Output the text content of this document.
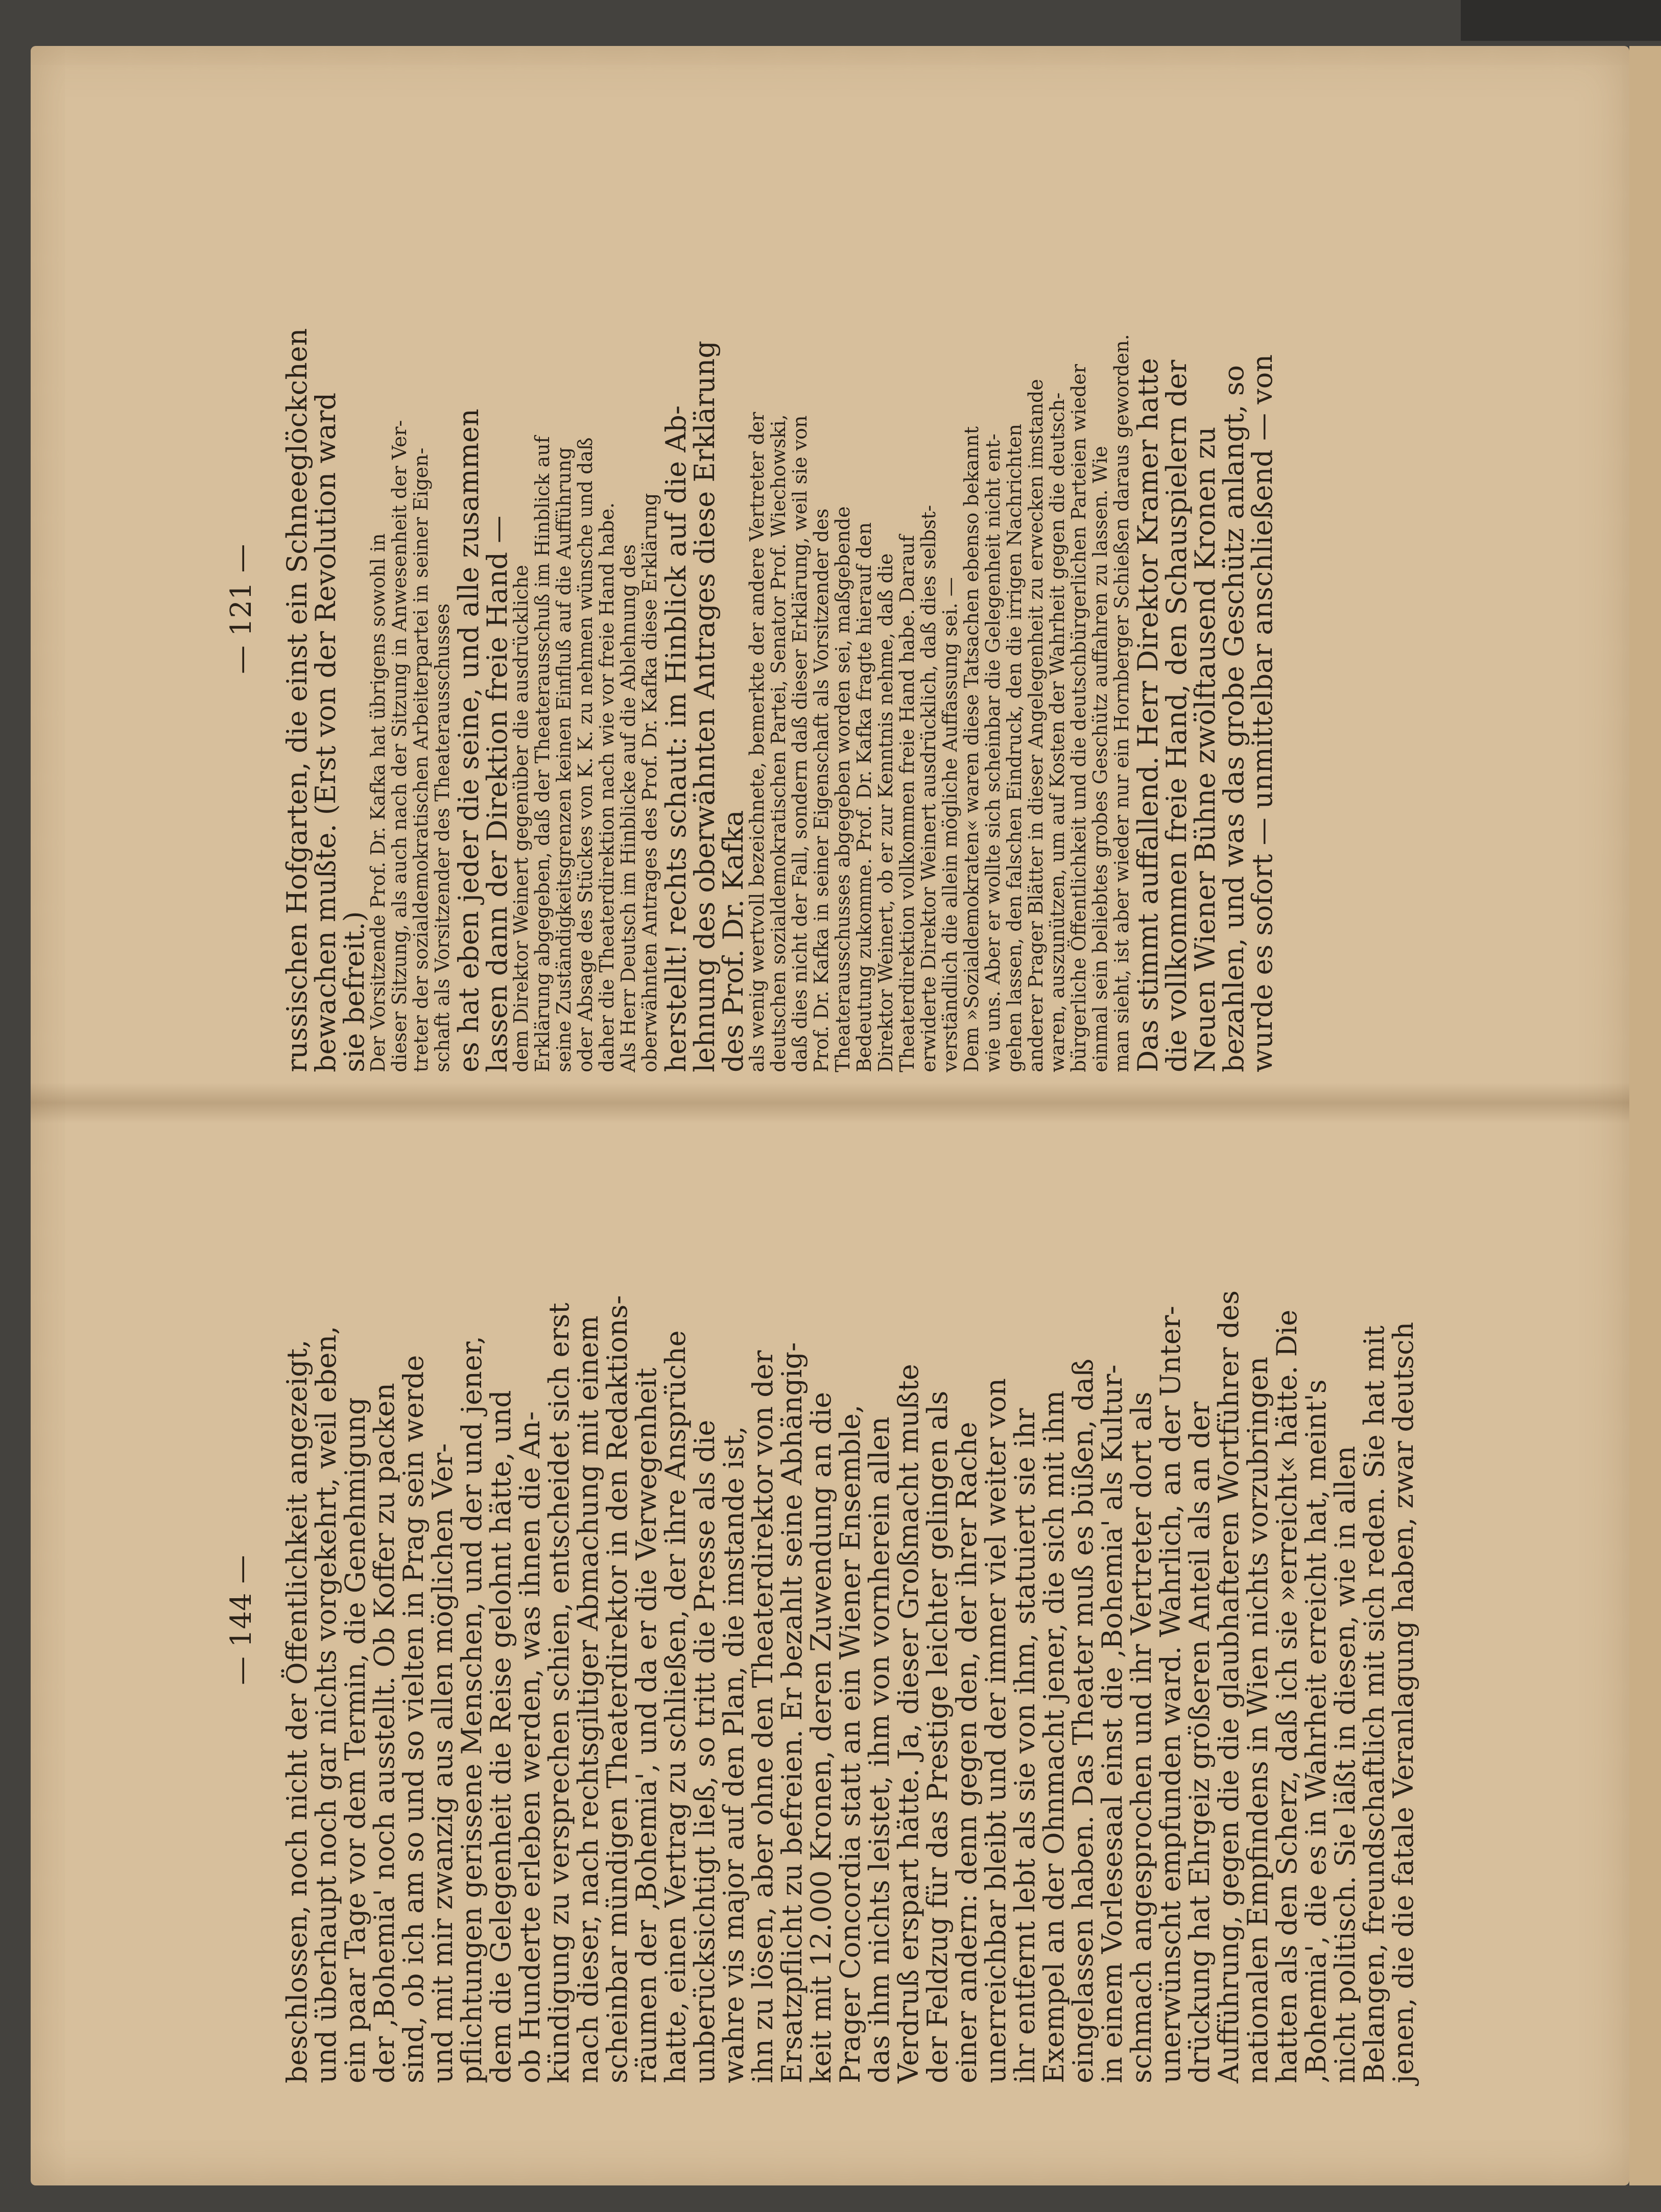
— 144 — beschlossen, noch nicht der Öffentlichkeit angezeigt,
und überhaupt noch gar nichts vorgekehrt, weil eben,
ein paar Tage vor dem Termin, die Genehmigung
der ‚Bohemia' noch ausstellt. Ob Koffer zu packen
sind, ob ich am so und so vielten in Prag sein werde
und mit mir zwanzig aus allen möglichen Ver-
pflichtungen gerissene Menschen, und der und jener,
dem die Gelegenheit die Reise gelohnt hätte, und
ob Hunderte erleben werden, was ihnen die An-
kündigung zu versprechen schien, entscheidet sich erst
nach dieser, nach rechtsgiltiger Abmachung mit einem
scheinbar mündigen Theaterdirektor in den Redaktions-
räumen der ‚Bohemia', und da er die Verwegenheit
hatte, einen Vertrag zu schließen, der ihre Ansprüche
unberücksichtigt ließ, so tritt die Presse als die
wahre vis major auf den Plan, die imstande ist,
ihn zu lösen, aber ohne den Theaterdirektor von der
Ersatzpflicht zu befreien. Er bezahlt seine Abhängig-
keit mit 12.000 Kronen, deren Zuwendung an die
Prager Concordia statt an ein Wiener Ensemble,
das ihm nichts leistet, ihm von vornherein allen
Verdruß erspart hätte. Ja, dieser Großmacht mußte
der Feldzug für das Prestige leichter gelingen als
einer andern: denn gegen den, der ihrer Rache
unerreichbar bleibt und der immer viel weiter von
ihr entfernt lebt als sie von ihm, statuiert sie ihr
Exempel an der Ohnmacht jener, die sich mit ihm
eingelassen haben. Das Theater muß es büßen, daß
in einem Vorlesesaal einst die ‚Bohemia' als Kultur-
schmach angesprochen und ihr Vertreter dort als
unerwünscht empfunden ward. Wahrlich, an der Unter-
drückung hat Ehrgeiz größeren Anteil als an der
Aufführung, gegen die die glaubhafteren Wortführer des
nationalen Empfindens in Wien nichts vorzubringen
hatten als den Scherz, daß ich sie »erreicht« hätte. Die
‚Bohemia', die es in Wahrheit erreicht hat, meint's
nicht politisch. Sie läßt in diesen, wie in allen
Belangen, freundschaftlich mit sich reden. Sie hat mit
jenen, die die fatale Veranlagung haben, zwar deutsch
— 121 — russischen Hofgarten, die einst ein Schneeglöckchen
bewachen mußte. (Erst von der Revolution ward
sie befreit.)
Der Vorsitzende Prof. Dr. Kafka hat übrigens sowohl in
dieser Sitzung, als auch nach der Sitzung in Anwesenheit der Ver-
treter der sozialdemokratischen Arbeiterpartei in seiner Eigen-
schaft als Vorsitzender des Theaterausschusses
es hat eben jeder die seine, und alle zusammen
lassen dann der Direktion freie Hand —
dem Direktor Weinert gegenüber die ausdrückliche
Erklärung abgegeben, daß der Theaterausschuß im Hinblick auf
seine Zuständigkeitsgrenzen keinen Einfluß auf die Aufführung
oder Absage des Stückes von K. K. zu nehmen wünsche und daß
daher die Theaterdirektion nach wie vor freie Hand habe.
Als Herr Deutsch im Hinblicke auf die Ablehnung des
oberwähnten Antrages des Prof. Dr. Kafka diese Erklärung
herstellt! rechts schaut: im Hinblick auf die Ab-
lehnung des oberwähnten Antrages diese Erklärung
des Prof. Dr. Kafka
als wenig wertvoll bezeichnete, bemerkte der andere Vertreter der
deutschen sozialdemokratischen Partei, Senator Prof. Wiechowski,
daß dies nicht der Fall, sondern daß dieser Erklärung, weil sie von
Prof. Dr. Kafka in seiner Eigenschaft als Vorsitzender des
Theaterausschusses abgegeben worden sei, maßgebende
Bedeutung zukomme. Prof. Dr. Kafka fragte hierauf den
Direktor Weinert, ob er zur Kenntnis nehme, daß die
Theaterdirektion vollkommen freie Hand habe. Darauf
erwiderte Direktor Weinert ausdrücklich, daß dies selbst-
verständlich die allein mögliche Auffassung sei. —
Dem »Sozialdemokraten« waren diese Tatsachen ebenso bekannt
wie uns. Aber er wollte sich scheinbar die Gelegenheit nicht ent-
gehen lassen, den falschen Eindruck, den die irrigen Nachrichten
anderer Prager Blätter in dieser Angelegenheit zu erwecken imstande
waren, auszunützen, um auf Kosten der Wahrheit gegen die deutsch-
bürgerliche Öffentlichkeit und die deutschbürgerlichen Parteien wieder
einmal sein beliebtes grobes Geschütz auffahren zu lassen. Wie
man sieht, ist aber wieder nur ein Hornberger Schießen daraus geworden.
Das stimmt auffallend. Herr Direktor Kramer hatte
die vollkommen freie Hand, den Schauspielern der
Neuen Wiener Bühne zwölftausend Kronen zu
bezahlen, und was das grobe Geschütz anlangt, so
wurde es sofort — unmittelbar anschließend — von
